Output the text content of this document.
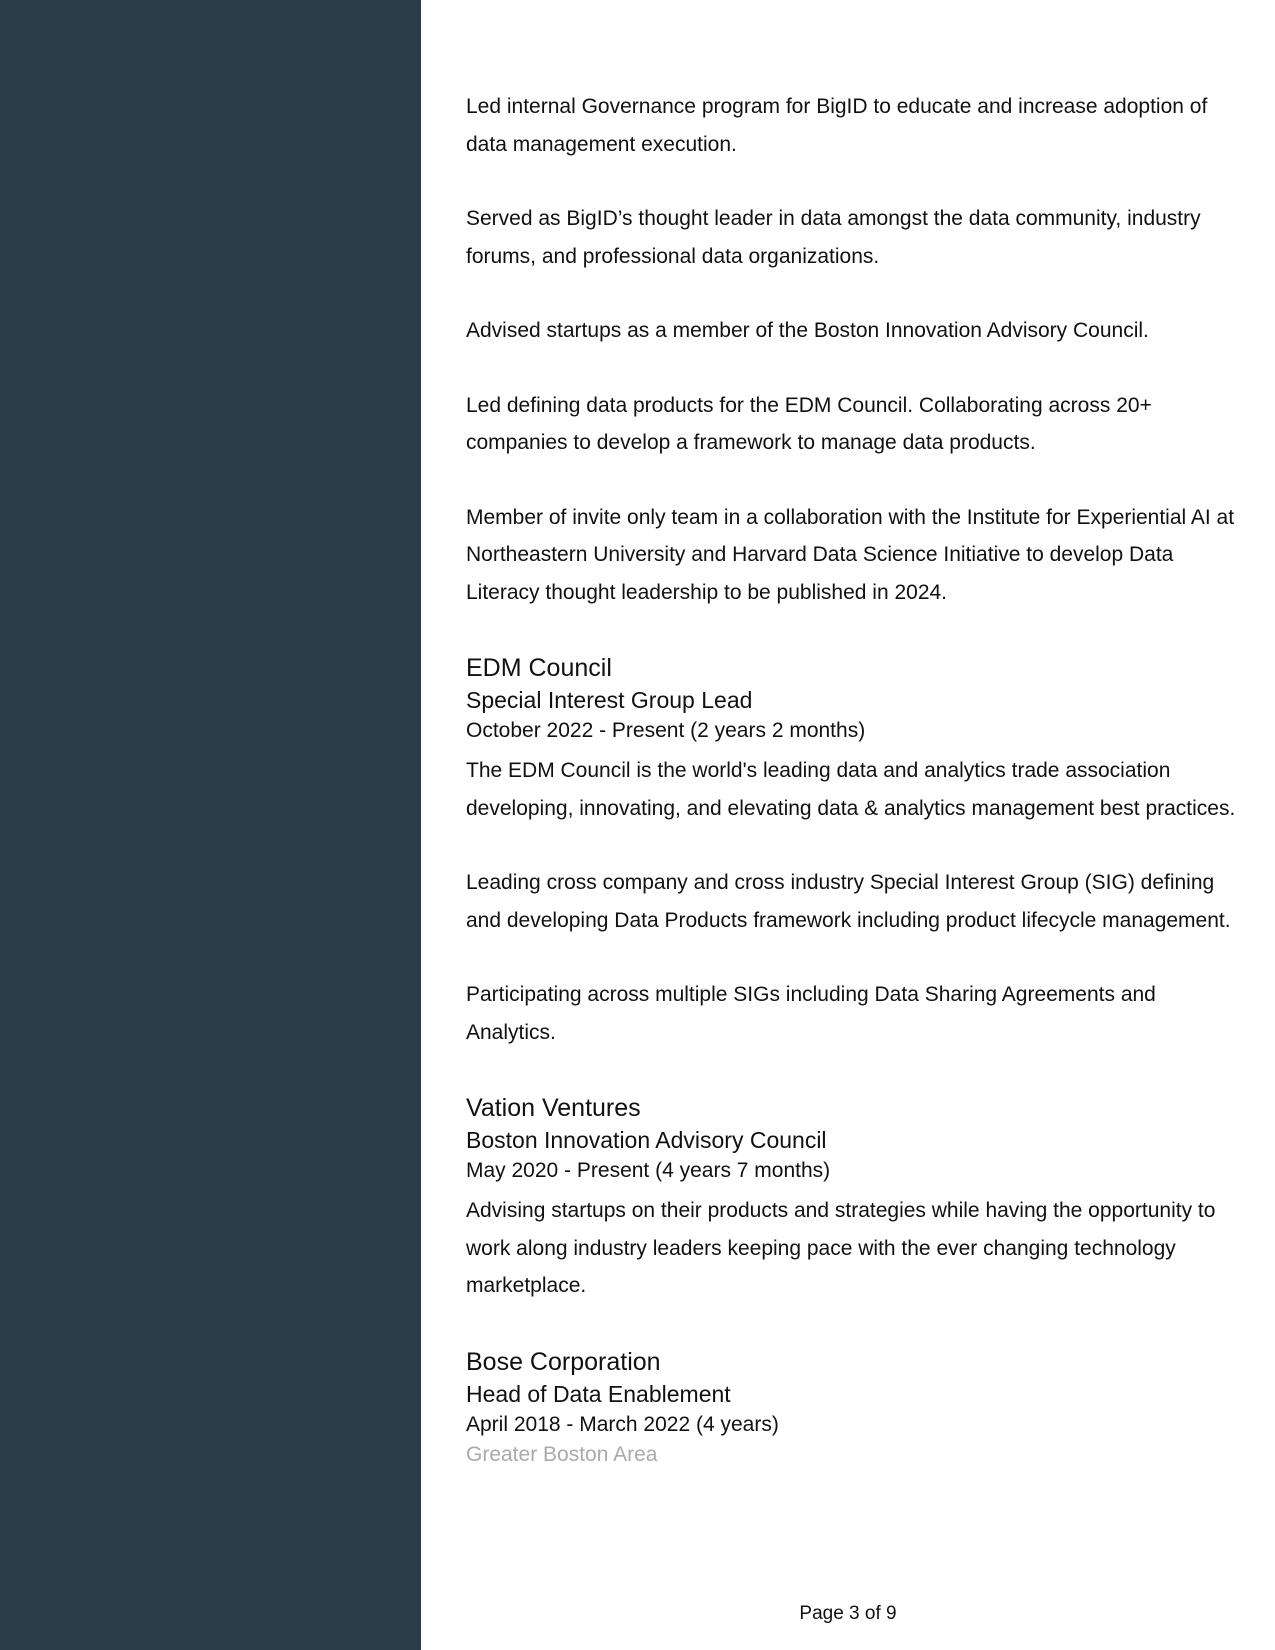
Led internal Governance program for BigID to educate and increase adoption of data management execution.

Served as BigID’s thought leader in data amongst the data community, industry forums, and professional data organizations.

Advised startups as a member of the Boston Innovation Advisory Council.

Led defining data products for the EDM Council. Collaborating across 20+ companies to develop a framework to manage data products.

Member of invite only team in a collaboration with the Institute for Experiential AI at Northeastern University and Harvard Data Science Initiative to develop Data Literacy thought leadership to be published in 2024.

EDM Council

Special Interest Group Lead

October 2022 - Present (2 years 2 months)

The EDM Council is the world's leading data and analytics trade association developing, innovating, and elevating data & analytics management best practices.

Leading cross company and cross industry Special Interest Group (SIG) defining and developing Data Products framework including product lifecycle management.

Participating across multiple SIGs including Data Sharing Agreements and Analytics.

Vation Ventures

Boston Innovation Advisory Council

May 2020 - Present (4 years 7 months)

Advising startups on their products and strategies while having the opportunity to work along industry leaders keeping pace with the ever changing technology marketplace.

Bose Corporation

Head of Data Enablement

April 2018 - March 2022 (4 years)

Greater Boston Area

Page 3 of 9
